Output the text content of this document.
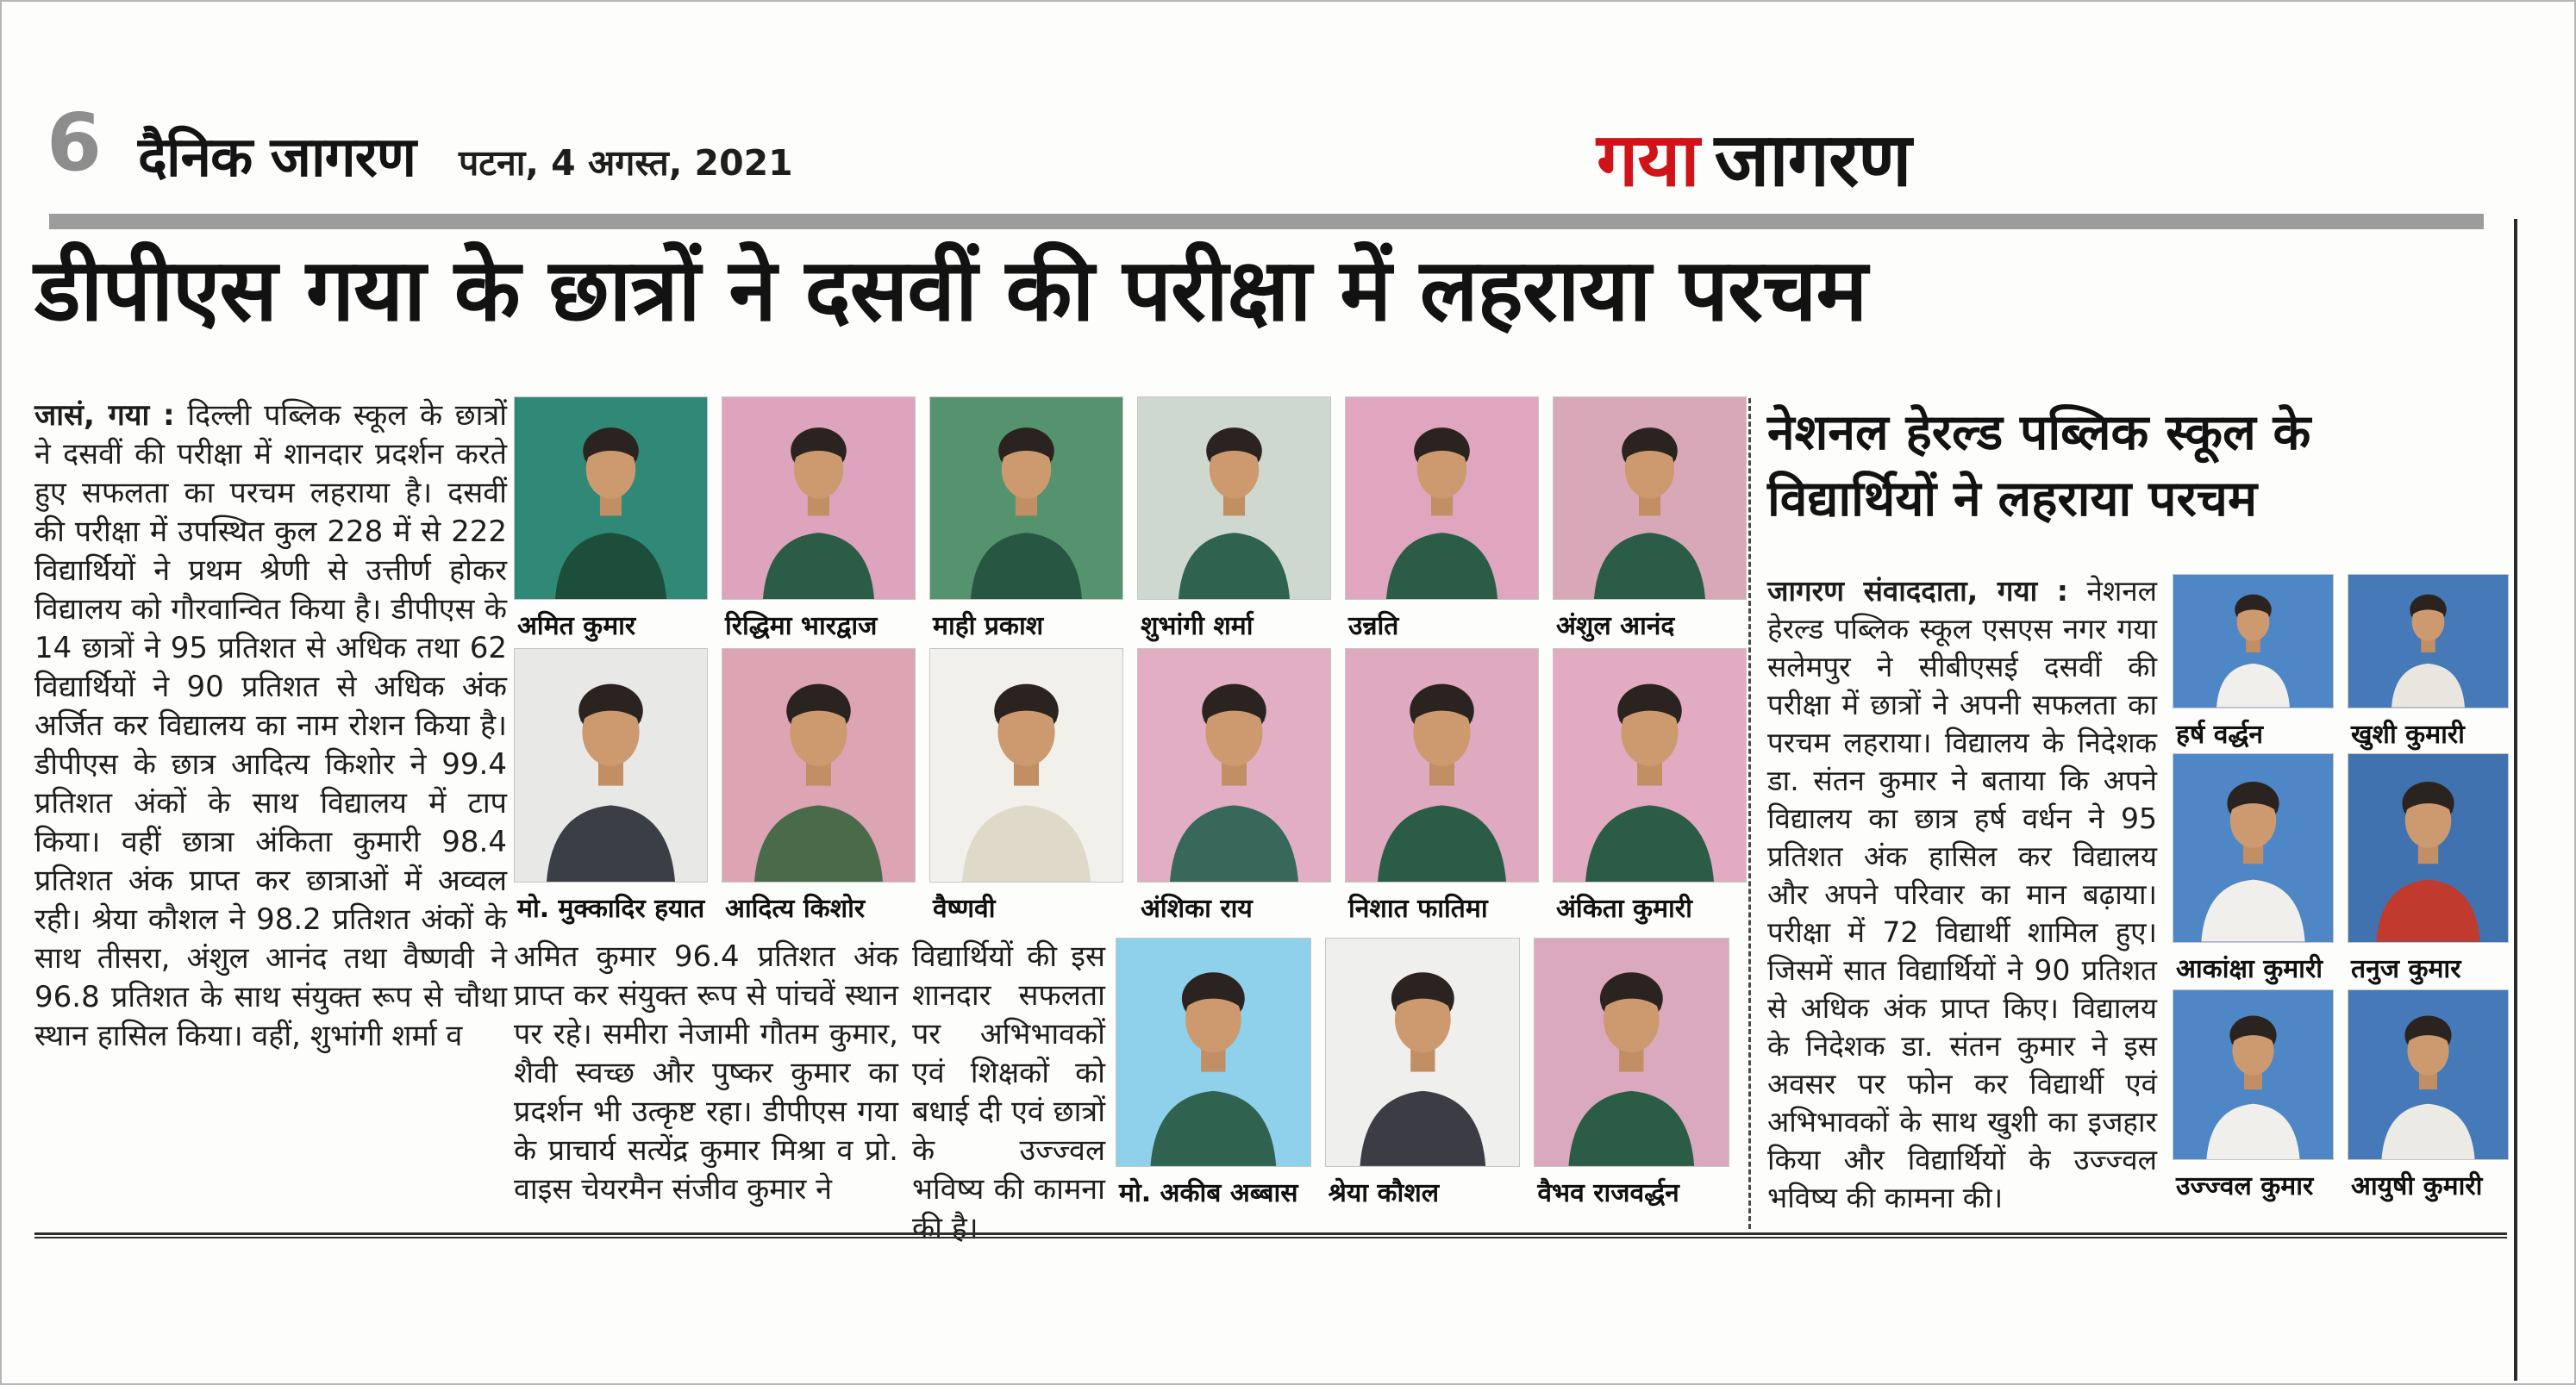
6 दैनिक जागरण पटना, 4 अगस्त, 2021	गया जागरण
डीपीएस गया के छात्रों ने दसवीं की परीक्षा में लहराया परचम

जासं, गया : दिल्ली पब्लिक स्कूल के छात्रों ने दसवीं की परीक्षा में शानदार प्रदर्शन करते हुए सफलता का परचम लहराया है। दसवीं की परीक्षा में उपस्थित कुल 228 में से 222 विद्यार्थियों ने प्रथम श्रेणी से उत्तीर्ण होकर विद्यालय को गौरवान्वित किया है। डीपीएस के 14 छात्रों ने 95 प्रतिशत से अधिक तथा 62 विद्यार्थियों ने 90 प्रतिशत से अधिक अंक अर्जित कर विद्यालय का नाम रोशन किया है। डीपीएस के छात्र आदित्य किशोर ने 99.4 प्रतिशत अंकों के साथ विद्यालय में टाप किया। वहीं छात्रा अंकिता कुमारी 98.4 प्रतिशत अंक प्राप्त कर छात्राओं में अव्वल रही। श्रेया कौशल ने 98.2 प्रतिशत अंकों के साथ तीसरा, अंशुल आनंद तथा वैष्णवी ने 96.8 प्रतिशत के साथ संयुक्त रूप से चौथा स्थान हासिल किया। वहीं, शुभांगी शर्मा व

अमित कुमार	रिद्धिमा भारद्वाज	माही प्रकाश	शुभांगी शर्मा	उन्नति	अंशुल आनंद
मो. मुक्कादिर हयात आदित्य किशोर	वैष्णवी	अंशिका राय	निशात फातिमा	अंकिता कुमारी
मो. अकीब अब्बास	श्रेया कौशल	वैभव राजवर्द्धन

अमित कुमार 96.4 प्रतिशत अंक प्राप्त कर संयुक्त रूप से पांचवें स्थान पर रहे। समीरा नेजामी गौतम कुमार, शैवी स्वच्छ और पुष्कर कुमार का प्रदर्शन भी उत्कृष्ट रहा। डीपीएस गया के प्राचार्य सत्येंद्र कुमार मिश्रा व प्रो. वाइस चेयरमैन संजीव कुमार ने

विद्यार्थियों की इस शानदार सफलता पर अभिभावकों एवं शिक्षकों को बधाई दी एवं छात्रों के उज्ज्वल भविष्य की कामना की है।

नेशनल हेरल्ड पब्लिक स्कूल के
विद्यार्थियों ने लहराया परचम

जागरण संवाददाता, गया : नेशनल हेरल्ड पब्लिक स्कूल एसएस नगर गया सलेमपुर ने सीबीएसई दसवीं की परीक्षा में छात्रों ने अपनी सफलता का परचम लहराया। विद्यालय के निदेशक डा. संतन कुमार ने बताया कि अपने विद्यालय का छात्र हर्ष वर्धन ने 95 प्रतिशत अंक हासिल कर विद्यालय और अपने परिवार का मान बढ़ाया। परीक्षा में 72 विद्यार्थी शामिल हुए। जिसमें सात विद्यार्थियों ने 90 प्रतिशत से अधिक अंक प्राप्त किए। विद्यालय के निदेशक डा. संतन कुमार ने इस अवसर पर फोन कर विद्यार्थी एवं अभिभावकों के साथ खुशी का इजहार किया और विद्यार्थियों के उज्ज्वल भविष्य की कामना की।

हर्ष वर्द्धन	खुशी कुमारी
आकांक्षा कुमारी	तनुज कुमार
उज्ज्वल कुमार	आयुषी कुमारी
